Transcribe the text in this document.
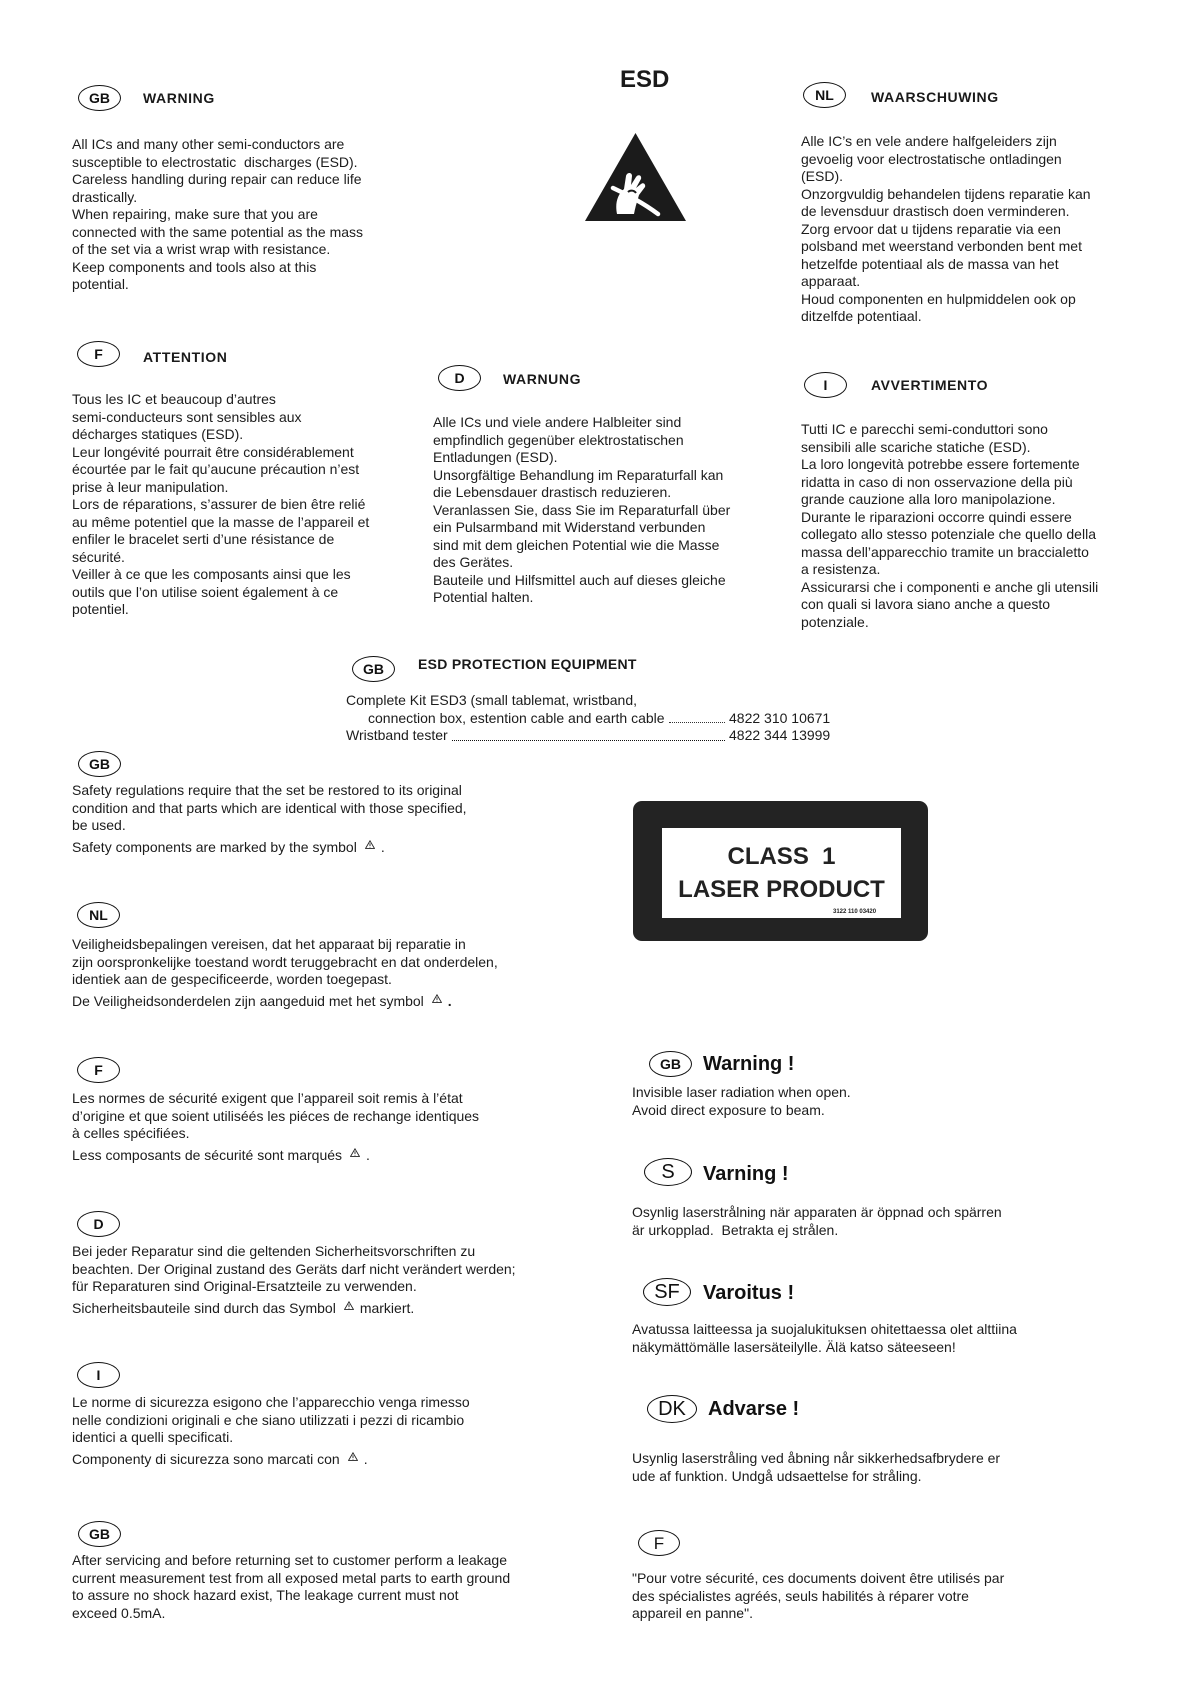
ESD
GB	WARNING
All ICs and many other semi-conductors are
susceptible to electrostatic  discharges (ESD).
Careless handling during repair can reduce life
drastically.
When repairing, make sure that you are
connected with the same potential as the mass
of the set via a wrist wrap with resistance.
Keep components and tools also at this
potential.
NL	WAARSCHUWING
Alle IC’s en vele andere halfgeleiders zijn
gevoelig voor electrostatische ontladingen
(ESD).
Onzorgvuldig behandelen tijdens reparatie kan
de levensduur drastisch doen verminderen.
Zorg ervoor dat u tijdens reparatie via een
polsband met weerstand verbonden bent met
hetzelfde potentiaal als de massa van het
apparaat.
Houd componenten en hulpmiddelen ook op
ditzelfde potentiaal.
F	ATTENTION
Tous les IC et beaucoup d’autres
semi-conducteurs sont sensibles aux
décharges statiques (ESD).
Leur longévité pourrait être considérablement
écourtée par le fait qu’aucune précaution n’est
prise à leur manipulation.
Lors de réparations, s’assurer de bien être relié
au même potentiel que la masse de l’appareil et
enfiler le bracelet serti d’une résistance de
sécurité.
Veiller à ce que les composants ainsi que les
outils que l’on utilise soient également à ce
potentiel.
D	WARNUNG
Alle ICs und viele andere Halbleiter sind
empfindlich gegenüber elektrostatischen
Entladungen (ESD).
Unsorgfältige Behandlung im Reparaturfall kan
die Lebensdauer drastisch reduzieren.
Veranlassen Sie, dass Sie im Reparaturfall über
ein Pulsarmband mit Widerstand verbunden
sind mit dem gleichen Potential wie die Masse
des Gerätes.
Bauteile und Hilfsmittel auch auf dieses gleiche
Potential halten.
I	AVVERTIMENTO
Tutti IC e parecchi semi-conduttori sono
sensibili alle scariche statiche (ESD).
La loro longevità potrebbe essere fortemente
ridatta in caso di non osservazione della più
grande cauzione alla loro manipolazione.
Durante le riparazioni occorre quindi essere
collegato allo stesso potenziale che quello della
massa dell’apparecchio tramite un braccialetto
a resistenza.
Assicurarsi che i componenti e anche gli utensili
con quali si lavora siano anche a questo
potenziale.
GB	ESD PROTECTION EQUIPMENT
Complete Kit ESD3 (small tablemat, wristband,
connection box, estention cable and earth cable	4822 310 10671
Wristband tester	4822 344 13999
GB
Safety regulations require that the set be restored to its original
condition and that parts which are identical with those specified,
be used.
Safety components are marked by the symbol .	CLASS  1
LASER PRODUCT
3122 110 03420
NL
Veiligheidsbepalingen vereisen, dat het apparaat bij reparatie in
zijn oorspronkelijke toestand wordt teruggebracht en dat onderdelen,
identiek aan de gespecificeerde, worden toegepast.
De Veiligheidsonderdelen zijn aangeduid met het symbol .
F
Les normes de sécurité exigent que l’appareil soit remis à l’état
d’origine et que soient utiliséés les piéces de rechange identiques
à celles spécifiées.
Less composants de sécurité sont marqués .
D
Bei jeder Reparatur sind die geltenden Sicherheitsvorschriften zu
beachten. Der Original zustand des Geräts darf nicht verändert werden;
für Reparaturen sind Original-Ersatzteile zu verwenden.
Sicherheitsbauteile sind durch das Symbol markiert.
I
Le norme di sicurezza esigono che l’apparecchio venga rimesso
nelle condizioni originali e che siano utilizzati i pezzi di ricambio
identici a quelli specificati.
Componenty di sicurezza sono marcati con .
GB
After servicing and before returning set to customer perform a leakage
current measurement test from all exposed metal parts to earth ground
to assure no shock hazard exist, The leakage current must not
exceed 0.5mA.
GB	Warning !
Invisible laser radiation when open.
Avoid direct exposure to beam.
S	Varning !
Osynlig laserstrålning när apparaten är öppnad och spärren
är urkopplad.  Betrakta ej strålen.
SF	Varoitus !
Avatussa laitteessa ja suojalukituksen ohitettaessa olet alttiina
näkymättömälle lasersäteilylle. Älä katso säteeseen!
DK	Advarse !
Usynlig laserstråling ved åbning når sikkerhedsafbrydere er
ude af funktion. Undgå udsaettelse for stråling.
F
"Pour votre sécurité, ces documents doivent être utilisés par
des spécialistes agréés, seuls habilités à réparer votre
appareil en panne".
